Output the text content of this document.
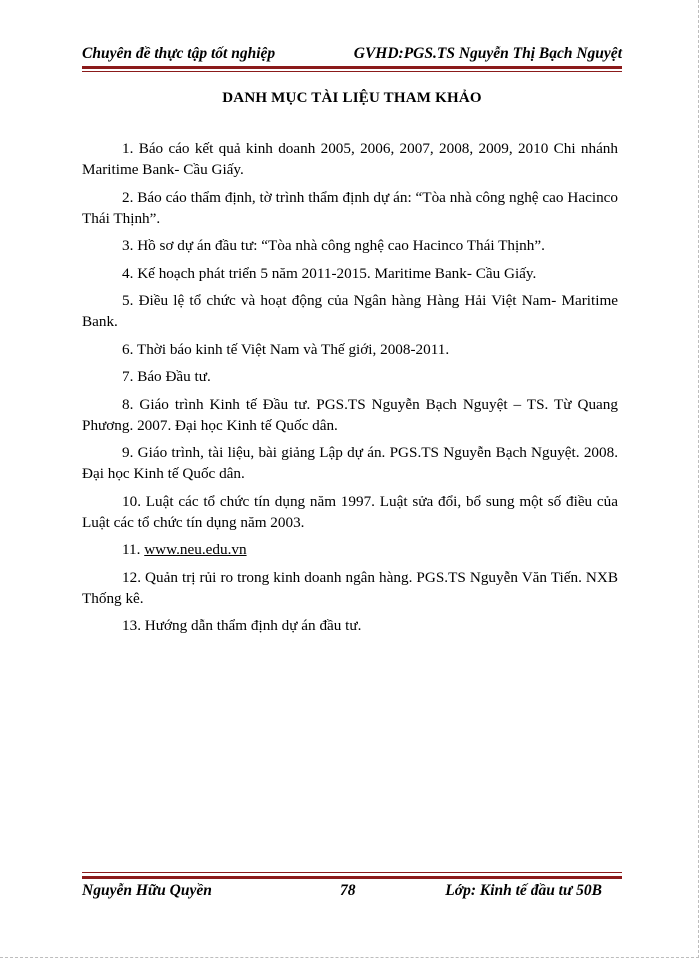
Chuyên đề thực tập tốt nghiệp	GVHD:PGS.TS Nguyễn Thị Bạch Nguyệt
DANH MỤC TÀI LIỆU THAM KHẢO
1. Báo cáo kết quả kinh doanh 2005, 2006, 2007, 2008, 2009, 2010 Chi nhánh Maritime Bank- Cầu Giấy.
2. Báo cáo thẩm định, tờ trình thẩm định dự án: “Tòa nhà công nghệ cao Hacinco Thái Thịnh”.
3. Hồ sơ dự án đầu tư: “Tòa nhà công nghệ cao Hacinco Thái Thịnh”.
4. Kế hoạch phát triển 5 năm 2011-2015. Maritime Bank- Cầu Giấy.
5. Điều lệ tổ chức và hoạt động của Ngân hàng Hàng Hải Việt Nam- Maritime Bank.
6. Thời báo kinh tế Việt Nam và Thế giới, 2008-2011.
7. Báo Đầu tư.
8. Giáo trình Kinh tế Đầu tư. PGS.TS Nguyễn Bạch Nguyệt – TS. Từ Quang Phương. 2007. Đại học Kinh tế Quốc dân.
9. Giáo trình, tài liệu, bài giảng Lập dự án. PGS.TS Nguyễn Bạch Nguyệt. 2008. Đại học Kinh tế Quốc dân.
10. Luật các tổ chức tín dụng năm 1997. Luật sửa đổi, bổ sung một số điều của Luật các tổ chức tín dụng năm 2003.
11. www.neu.edu.vn
12. Quản trị rủi ro trong kinh doanh ngân hàng. PGS.TS Nguyễn Văn Tiến. NXB Thống kê.
13. Hướng dẫn thẩm định dự án đầu tư.
Nguyễn Hữu Quyền	78	Lớp: Kinh tế đầu tư 50B
